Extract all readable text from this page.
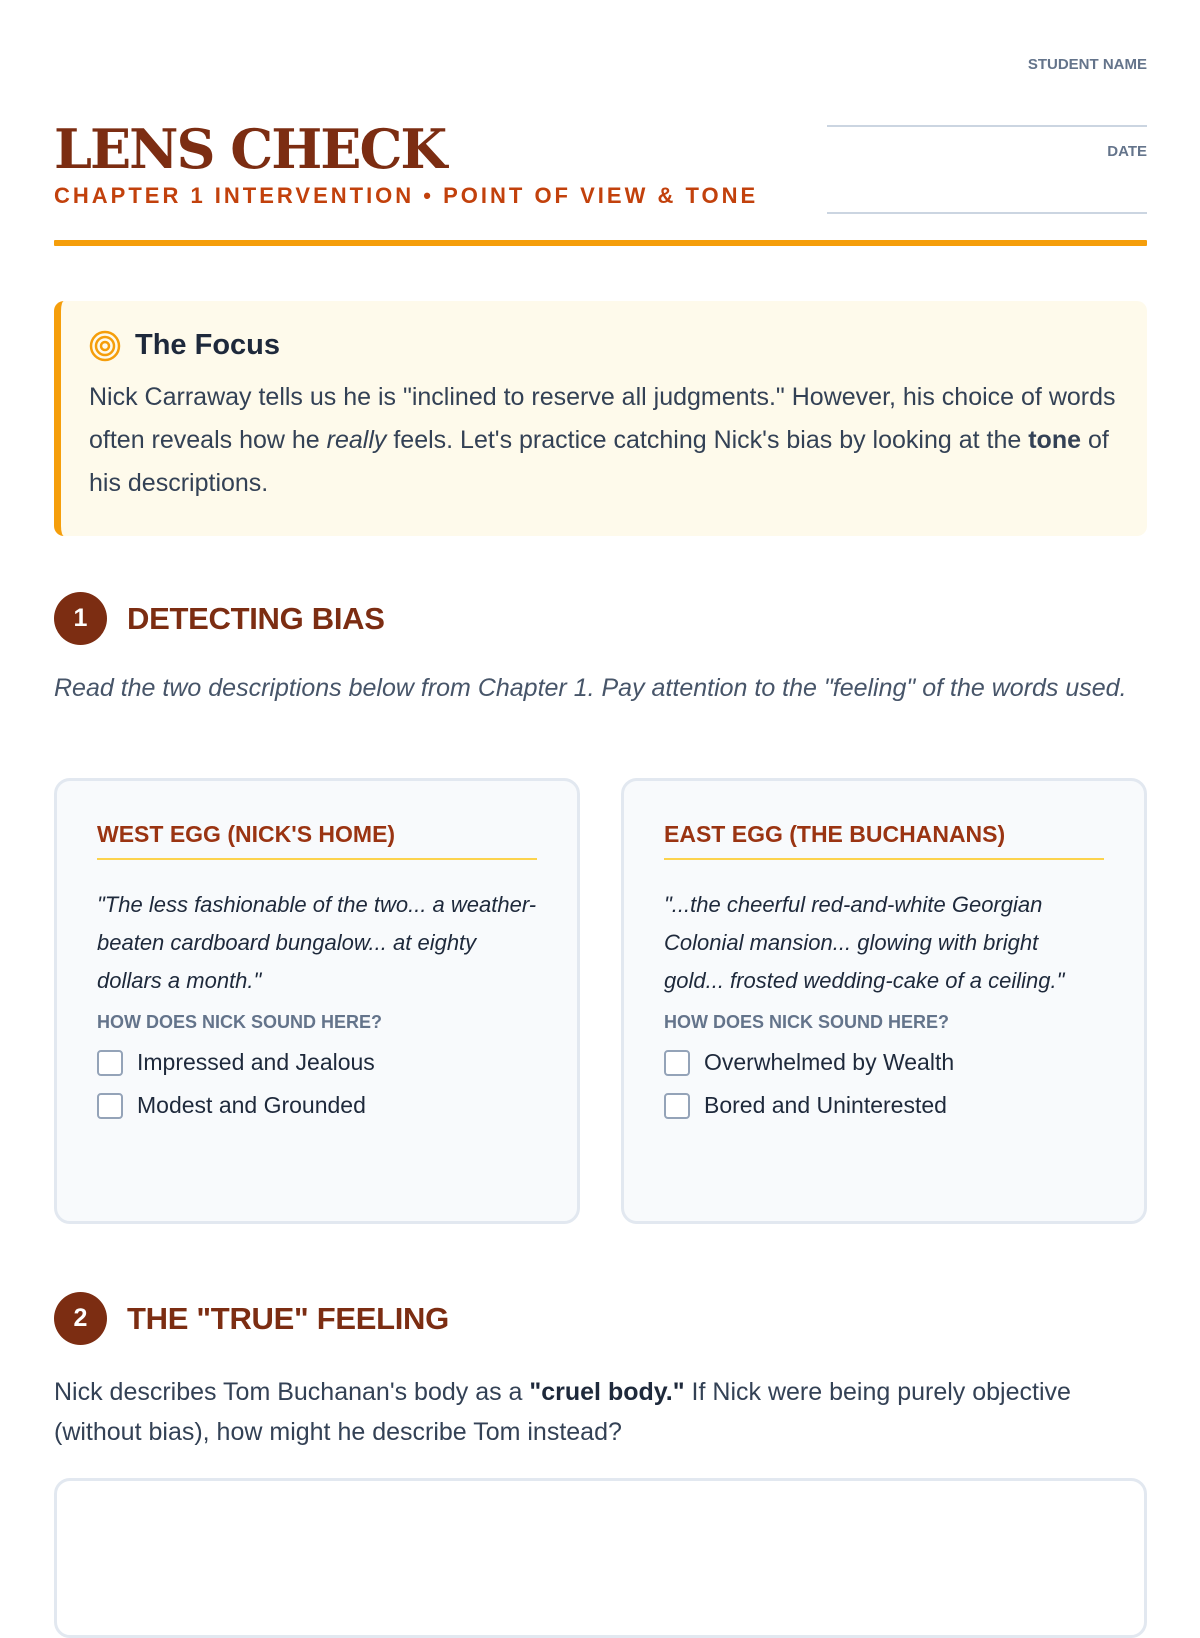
LENS CHECK
CHAPTER 1 INTERVENTION • POINT OF VIEW & TONE
STUDENT NAME
DATE
The Focus
Nick Carraway tells us he is "inclined to reserve all judgments." However, his choice of words often reveals how he really feels. Let's practice catching Nick's bias by looking at the tone of his descriptions.
1	DETECTING BIAS
Read the two descriptions below from Chapter 1. Pay attention to the "feeling" of the words used.
WEST EGG (NICK'S HOME)
"The less fashionable of the two... a weather-beaten cardboard bungalow... at eighty dollars a month."
HOW DOES NICK SOUND HERE?
Impressed and Jealous
Modest and Grounded
EAST EGG (THE BUCHANANS)
"...the cheerful red-and-white Georgian Colonial mansion... glowing with bright gold... frosted wedding-cake of a ceiling."
HOW DOES NICK SOUND HERE?
Overwhelmed by Wealth
Bored and Uninterested
2	THE "TRUE" FEELING
Nick describes Tom Buchanan's body as a "cruel body." If Nick were being purely objective (without bias), how might he describe Tom instead?
